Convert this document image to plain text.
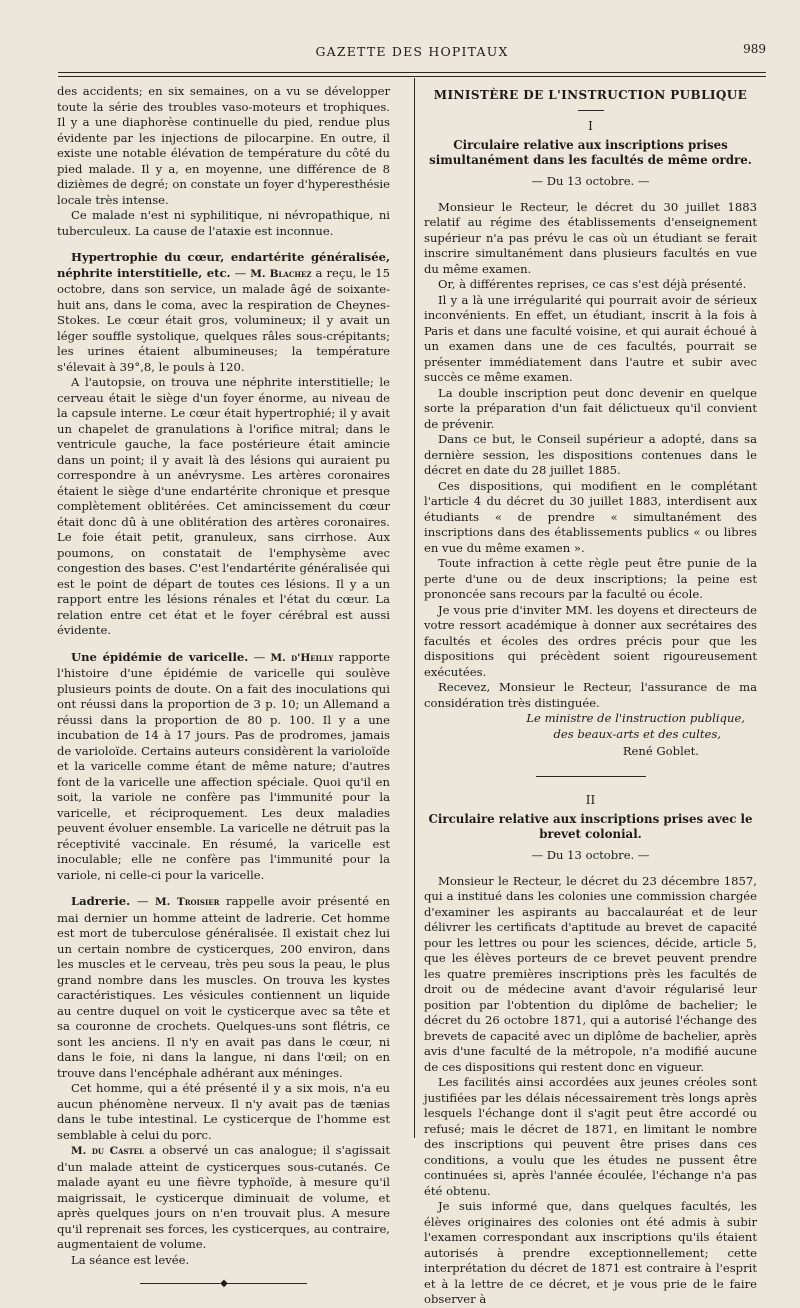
GAZETTE DES HOPITAUX	989

des accidents; en six semaines, on a vu se développer toute la série des troubles vaso-moteurs et trophiques. Il y a une diaphorèse continuelle du pied, rendue plus évidente par les injections de pilocarpine. En outre, il existe une notable élévation de température du côté du pied malade. Il y a, en moyenne, une différence de 8 dizièmes de degré; on constate un foyer d'hyperesthésie locale très intense.

Ce malade n'est ni syphilitique, ni névropathique, ni tuberculeux. La cause de l'ataxie est inconnue.

Hypertrophie du cœur, endartérite généralisée, néphrite interstitielle, etc. — M. Blachez a reçu, le 15 octobre, dans son service, un malade âgé de soixante-huit ans, dans le coma, avec la respiration de Cheynes-Stokes. Le cœur était gros, volumineux; il y avait un léger souffle systolique, quelques râles sous-crépitants; les urines étaient albumineuses; la température s'élevait à 39°,8, le pouls à 120.

A l'autopsie, on trouva une néphrite interstitielle; le cerveau était le siège d'un foyer énorme, au niveau de la capsule interne. Le cœur était hypertrophié; il y avait un chapelet de granulations à l'orifice mitral; dans le ventricule gauche, la face postérieure était amincie dans un point; il y avait là des lésions qui auraient pu correspondre à un anévrysme. Les artères coronaires étaient le siège d'une endartérite chronique et presque complètement oblitérées. Cet amincissement du cœur était donc dû à une oblitération des artères coronaires. Le foie était petit, granuleux, sans cirrhose. Aux poumons, on constatait de l'emphysème avec congestion des bases. C'est l'endartérite généralisée qui est le point de départ de toutes ces lésions. Il y a un rapport entre les lésions rénales et l'état du cœur. La relation entre cet état et le foyer cérébral est aussi évidente.

Une épidémie de varicelle. — M. d'Heilly rapporte l'histoire d'une épidémie de varicelle qui soulève plusieurs points de doute. On a fait des inoculations qui ont réussi dans la proportion de 3 p. 10; un Allemand a réussi dans la proportion de 80 p. 100. Il y a une incubation de 14 à 17 jours. Pas de prodromes, jamais de varioloïde. Certains auteurs considèrent la varioloïde et la varicelle comme étant de même nature; d'autres font de la varicelle une affection spéciale. Quoi qu'il en soit, la variole ne confère pas l'immunité pour la varicelle, et réciproquement. Les deux maladies peuvent évoluer ensemble. La varicelle ne détruit pas la réceptivité vaccinale. En résumé, la varicelle est inoculable; elle ne confère pas l'immunité pour la variole, ni celle-ci pour la varicelle.

Ladrerie. — M. Troisier rappelle avoir présenté en mai dernier un homme atteint de ladrerie. Cet homme est mort de tuberculose généralisée. Il existait chez lui un certain nombre de cysticerques, 200 environ, dans les muscles et le cerveau, très peu sous la peau, le plus grand nombre dans les muscles. On trouva les kystes caractéristiques. Les vésicules contiennent un liquide au centre duquel on voit le cysticerque avec sa tête et sa couronne de crochets. Quelques-uns sont flétris, ce sont les anciens. Il n'y en avait pas dans le cœur, ni dans le foie, ni dans la langue, ni dans l'œil; on en trouve dans l'encéphale adhérant aux méninges.

Cet homme, qui a été présenté il y a six mois, n'a eu aucun phénomène nerveux. Il n'y avait pas de tænias dans le tube intestinal. Le cysticerque de l'homme est semblable à celui du porc.

M. du Castel a observé un cas analogue; il s'agissait d'un malade atteint de cysticerques sous-cutanés. Ce malade ayant eu une fièvre typhoïde, à mesure qu'il maigrissait, le cysticerque diminuait de volume, et après quelques jours on n'en trouvait plus. A mesure qu'il reprenait ses forces, les cysticerques, au contraire, augmentaient de volume.

La séance est levée.

◆
MINISTÈRE DE L'INSTRUCTION PUBLIQUE
I
Circulaire relative aux inscriptions prises simultanément dans les facultés de même ordre.
— Du 13 octobre. —

Monsieur le Recteur, le décret du 30 juillet 1883 relatif au régime des établissements d'enseignement supérieur n'a pas prévu le cas où un étudiant se ferait inscrire simultanément dans plusieurs facultés en vue du même examen.

Or, à différentes reprises, ce cas s'est déjà présenté.

Il y a là une irrégularité qui pourrait avoir de sérieux inconvénients. En effet, un étudiant, inscrit à la fois à Paris et dans une faculté voisine, et qui aurait échoué à un examen dans une de ces facultés, pourrait se présenter immédiatement dans l'autre et subir avec succès ce même examen.

La double inscription peut donc devenir en quelque sorte la préparation d'un fait délictueux qu'il convient de prévenir.

Dans ce but, le Conseil supérieur a adopté, dans sa dernière session, les dispositions contenues dans le décret en date du 28 juillet 1885.

Ces dispositions, qui modifient en le complétant l'article 4 du décret du 30 juillet 1883, interdisent aux étudiants « de prendre « simultanément des inscriptions dans des établissements publics « ou libres en vue du même examen ».

Toute infraction à cette règle peut être punie de la perte d'une ou de deux inscriptions; la peine est prononcée sans recours par la faculté ou école.

Je vous prie d'inviter MM. les doyens et directeurs de votre ressort académique à donner aux secrétaires des facultés et écoles des ordres précis pour que les dispositions qui précèdent soient rigoureusement exécutées.

Recevez, Monsieur le Recteur, l'assurance de ma considération très distinguée.

Le ministre de l'instruction publique,
des beaux-arts et des cultes,
René Goblet.
II
Circulaire relative aux inscriptions prises avec le brevet colonial.
— Du 13 octobre. —

Monsieur le Recteur, le décret du 23 décembre 1857, qui a institué dans les colonies une commission chargée d'examiner les aspirants au baccalauréat et de leur délivrer les certificats d'aptitude au brevet de capacité pour les lettres ou pour les sciences, décide, article 5, que les élèves porteurs de ce brevet peuvent prendre les quatre premières inscriptions près les facultés de droit ou de médecine avant d'avoir régularisé leur position par l'obtention du diplôme de bachelier; le décret du 26 octobre 1871, qui a autorisé l'échange des brevets de capacité avec un diplôme de bachelier, après avis d'une faculté de la métropole, n'a modifié aucune de ces dispositions qui restent donc en vigueur.

Les facilités ainsi accordées aux jeunes créoles sont justifiées par les délais nécessairement très longs après lesquels l'échange dont il s'agit peut être accordé ou refusé; mais le décret de 1871, en limitant le nombre des inscriptions qui peuvent être prises dans ces conditions, a voulu que les études ne pussent être continuées si, après l'année écoulée, l'échange n'a pas été obtenu.

Je suis informé que, dans quelques facultés, les élèves originaires des colonies ont été admis à subir l'examen correspondant aux inscriptions qu'ils étaient autorisés à prendre exceptionnellement; cette interprétation du décret de 1871 est contraire à l'esprit et à la lettre de ce décret, et je vous prie de le faire observer à
